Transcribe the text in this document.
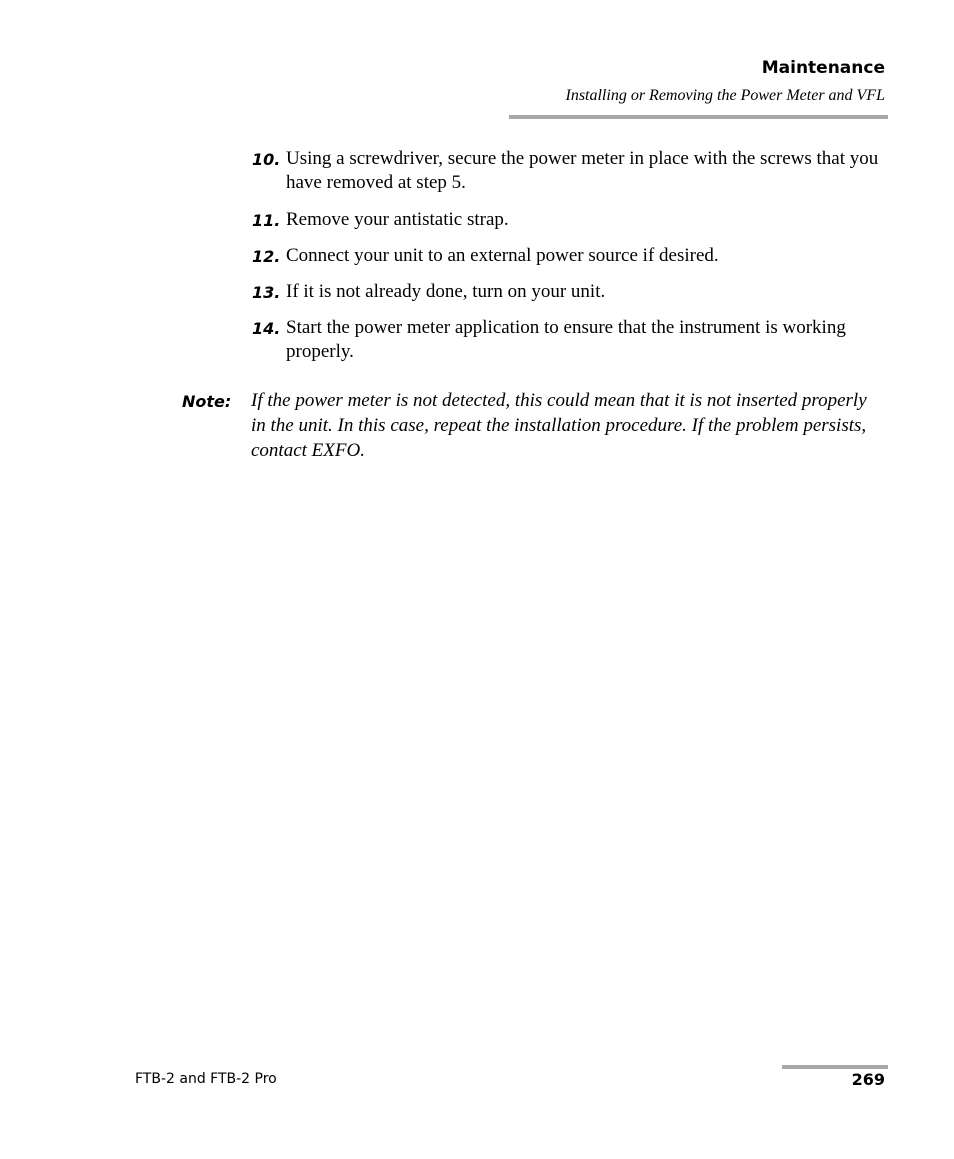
Maintenance
Installing or Removing the Power Meter and VFL
10. Using a screwdriver, secure the power meter in place with the screws that you have removed at step 5.
11. Remove your antistatic strap.
12. Connect your unit to an external power source if desired.
13. If it is not already done, turn on your unit.
14. Start the power meter application to ensure that the instrument is working properly.
Note: If the power meter is not detected, this could mean that it is not inserted properly in the unit. In this case, repeat the installation procedure. If the problem persists, contact EXFO.
FTB-2 and FTB-2 Pro	269
